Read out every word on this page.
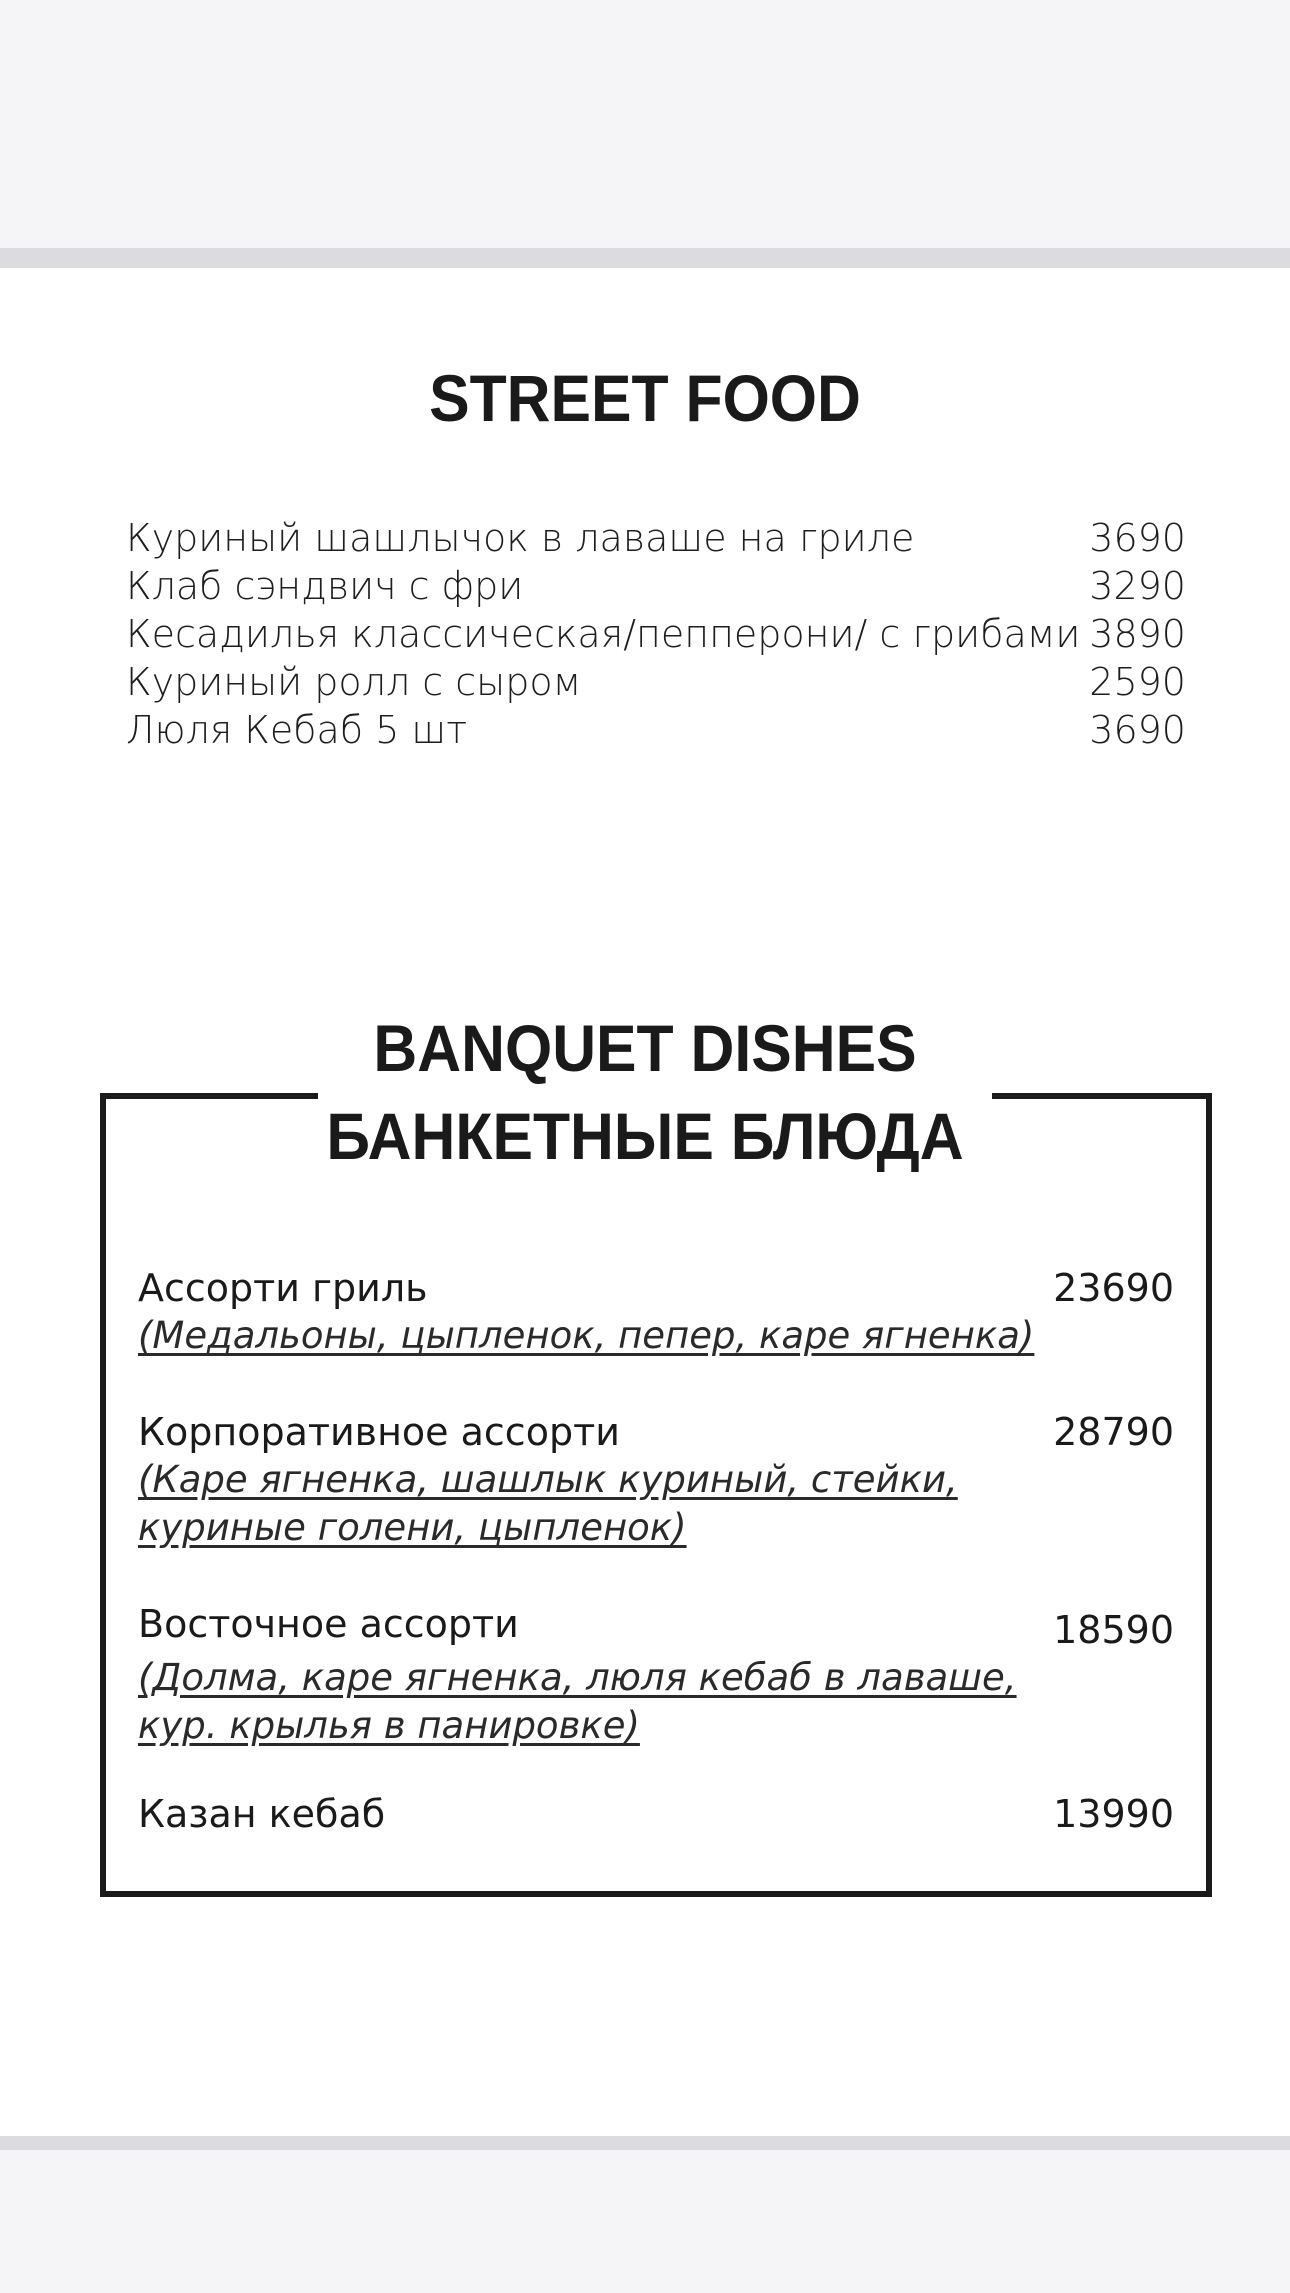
STREET FOOD
Куриный шашлычок в лаваше на гриле	3690
Клаб сэндвич с фри	3290
Кесадилья классическая/пепперони/ с грибами 3890
Куриный ролл с сыром	2590
Люля Кебаб 5 шт	3690
BANQUET DISHES
БАНКЕТНЫЕ БЛЮДА
Ассорти гриль	23690
(Медальоны, цыпленок, пепер, каре ягненка)
Корпоративное ассорти	28790
(Каре ягненка, шашлык куриный, стейки,
куриные голени, цыпленок)
Восточное ассорти	18590
(Долма, каре ягненка, люля кебаб в лаваше,
кур. крылья в панировке)
Казан кебаб	13990
